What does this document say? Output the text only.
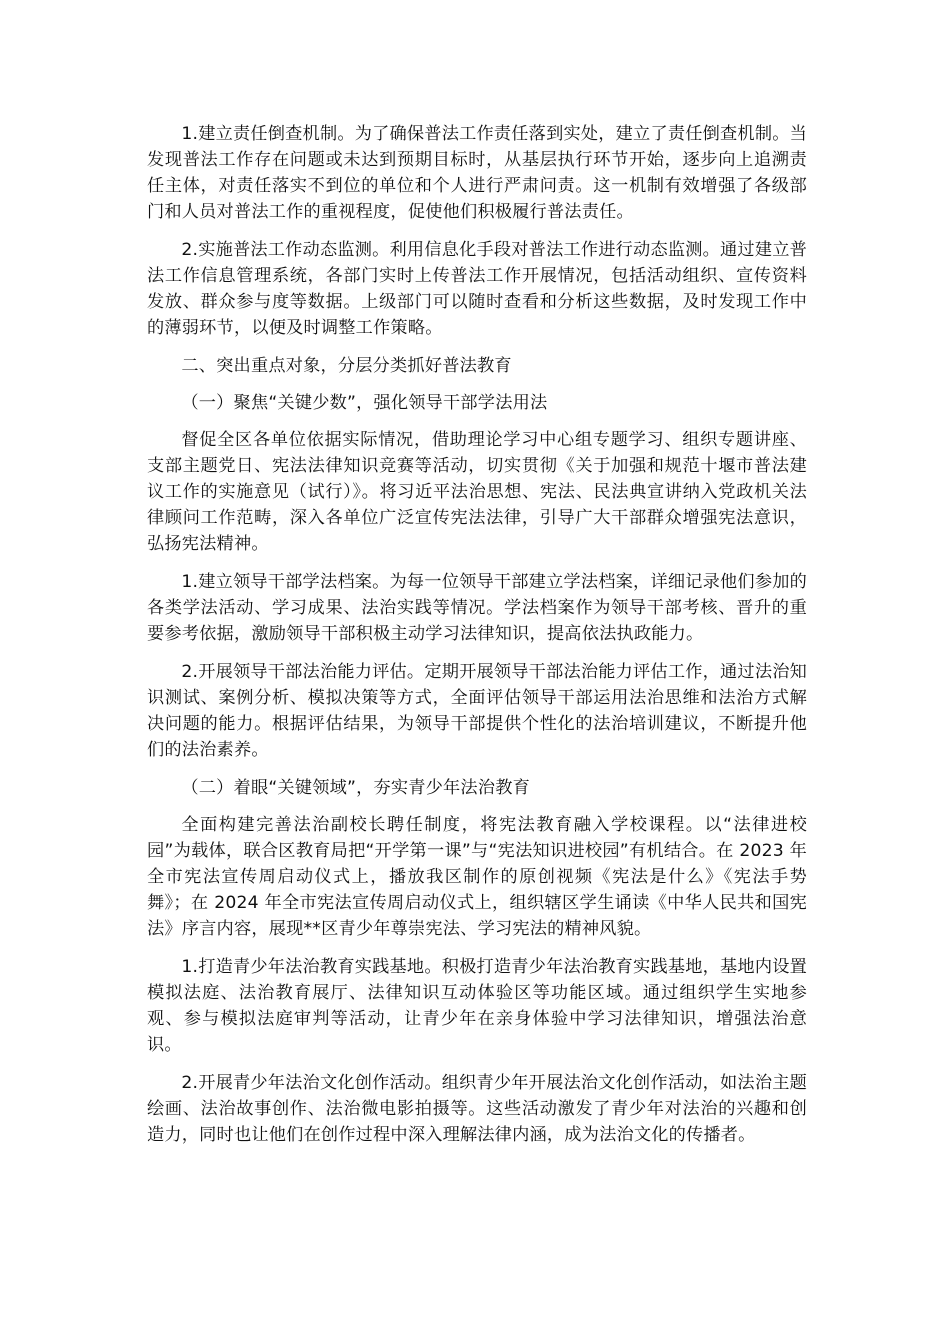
1.建立责任倒查机制。为了确保普法工作责任落到实处，建立了责任倒查机制。当发现普法工作存在问题或未达到预期目标时，从基层执行环节开始，逐步向上追溯责任主体，对责任落实不到位的单位和个人进行严肃问责。这一机制有效增强了各级部门和人员对普法工作的重视程度，促使他们积极履行普法责任。

2.实施普法工作动态监测。利用信息化手段对普法工作进行动态监测。通过建立普法工作信息管理系统，各部门实时上传普法工作开展情况，包括活动组织、宣传资料发放、群众参与度等数据。上级部门可以随时查看和分析这些数据，及时发现工作中的薄弱环节，以便及时调整工作策略。

二、突出重点对象，分层分类抓好普法教育

（一）聚焦“关键少数”，强化领导干部学法用法

督促全区各单位依据实际情况，借助理论学习中心组专题学习、组织专题讲座、支部主题党日、宪法法律知识竞赛等活动，切实贯彻《关于加强和规范十堰市普法建议工作的实施意见（试行）》。将习近平法治思想、宪法、民法典宣讲纳入党政机关法律顾问工作范畴，深入各单位广泛宣传宪法法律，引导广大干部群众增强宪法意识，弘扬宪法精神。

1.建立领导干部学法档案。为每一位领导干部建立学法档案，详细记录他们参加的各类学法活动、学习成果、法治实践等情况。学法档案作为领导干部考核、晋升的重要参考依据，激励领导干部积极主动学习法律知识，提高依法执政能力。

2.开展领导干部法治能力评估。定期开展领导干部法治能力评估工作，通过法治知识测试、案例分析、模拟决策等方式，全面评估领导干部运用法治思维和法治方式解决问题的能力。根据评估结果，为领导干部提供个性化的法治培训建议，不断提升他们的法治素养。

（二）着眼“关键领域”，夯实青少年法治教育

全面构建完善法治副校长聘任制度，将宪法教育融入学校课程。以“法律进校园”为载体，联合区教育局把“开学第一课”与“宪法知识进校园”有机结合。在 2023 年全市宪法宣传周启动仪式上，播放我区制作的原创视频《宪法是什么》《宪法手势舞》；在 2024 年全市宪法宣传周启动仪式上，组织辖区学生诵读《中华人民共和国宪法》序言内容，展现**区青少年尊崇宪法、学习宪法的精神风貌。

1.打造青少年法治教育实践基地。积极打造青少年法治教育实践基地，基地内设置模拟法庭、法治教育展厅、法律知识互动体验区等功能区域。通过组织学生实地参观、参与模拟法庭审判等活动，让青少年在亲身体验中学习法律知识，增强法治意识。

2.开展青少年法治文化创作活动。组织青少年开展法治文化创作活动，如法治主题绘画、法治故事创作、法治微电影拍摄等。这些活动激发了青少年对法治的兴趣和创造力，同时也让他们在创作过程中深入理解法律内涵，成为法治文化的传播者。
